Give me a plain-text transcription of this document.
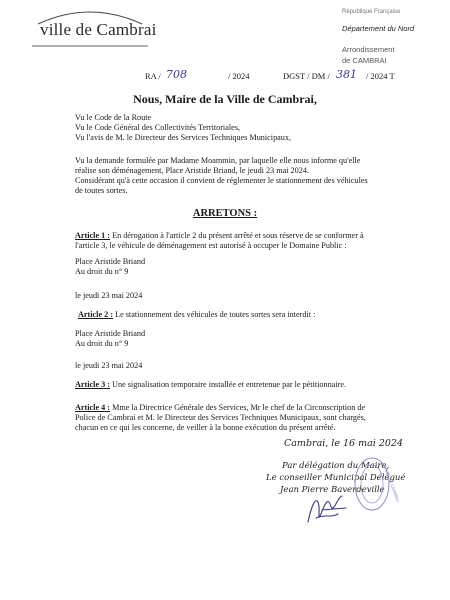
ville de Cambrai
République Française
Département du Nord
Arrondissement
de CAMBRAI
RA / 708	/ 2024	DGST / DM / 381 / 2024 T
Nous, Maire de la Ville de Cambrai,
Vu le Code de la Route
Vu le Code Général des Collectivités Territoriales,
Vu l'avis de M. le Directeur des Services Techniques Municipaux,
Vu la demande formulée par Madame Moammin, par laquelle elle nous informe qu'elle
réalise son déménagement, Place Aristide Briand, le jeudi 23 mai 2024.
Considérant qu'à cette occasion il convient de réglementer le stationnement des véhicules
de toutes sortes.
ARRETONS :
Article 1 : En dérogation à l'article 2 du présent arrêté et sous réserve de se conformer à
l'article 3, le véhicule de déménagement est autorisé à occuper le Domaine Public :
Place Aristide Briand
Au droit du n° 9
le jeudi 23 mai 2024
Article 2 : Le stationnement des véhicules de toutes sortes sera interdit :
Place Aristide Briand
Au droit du n° 9
le jeudi 23 mai 2024
Article 3 : Une signalisation temporaire installée et entretenue par le pétitionnaire.
Article 4 : Mme la Directrice Générale des Services, Mr le chef de la Circonscription de
Police de Cambrai et M. le Directeur des Services Techniques Municipaux, sont chargés,
chacun en ce qui les concerne, de veiller à la bonne exécution du présent arrêté.
Cambrai, le 16 mai 2024
Par délégation du Maire,
Le conseiller Municipal Délégué
Jean Pierre Baverdeville
VILLE DE CAMBRAI
